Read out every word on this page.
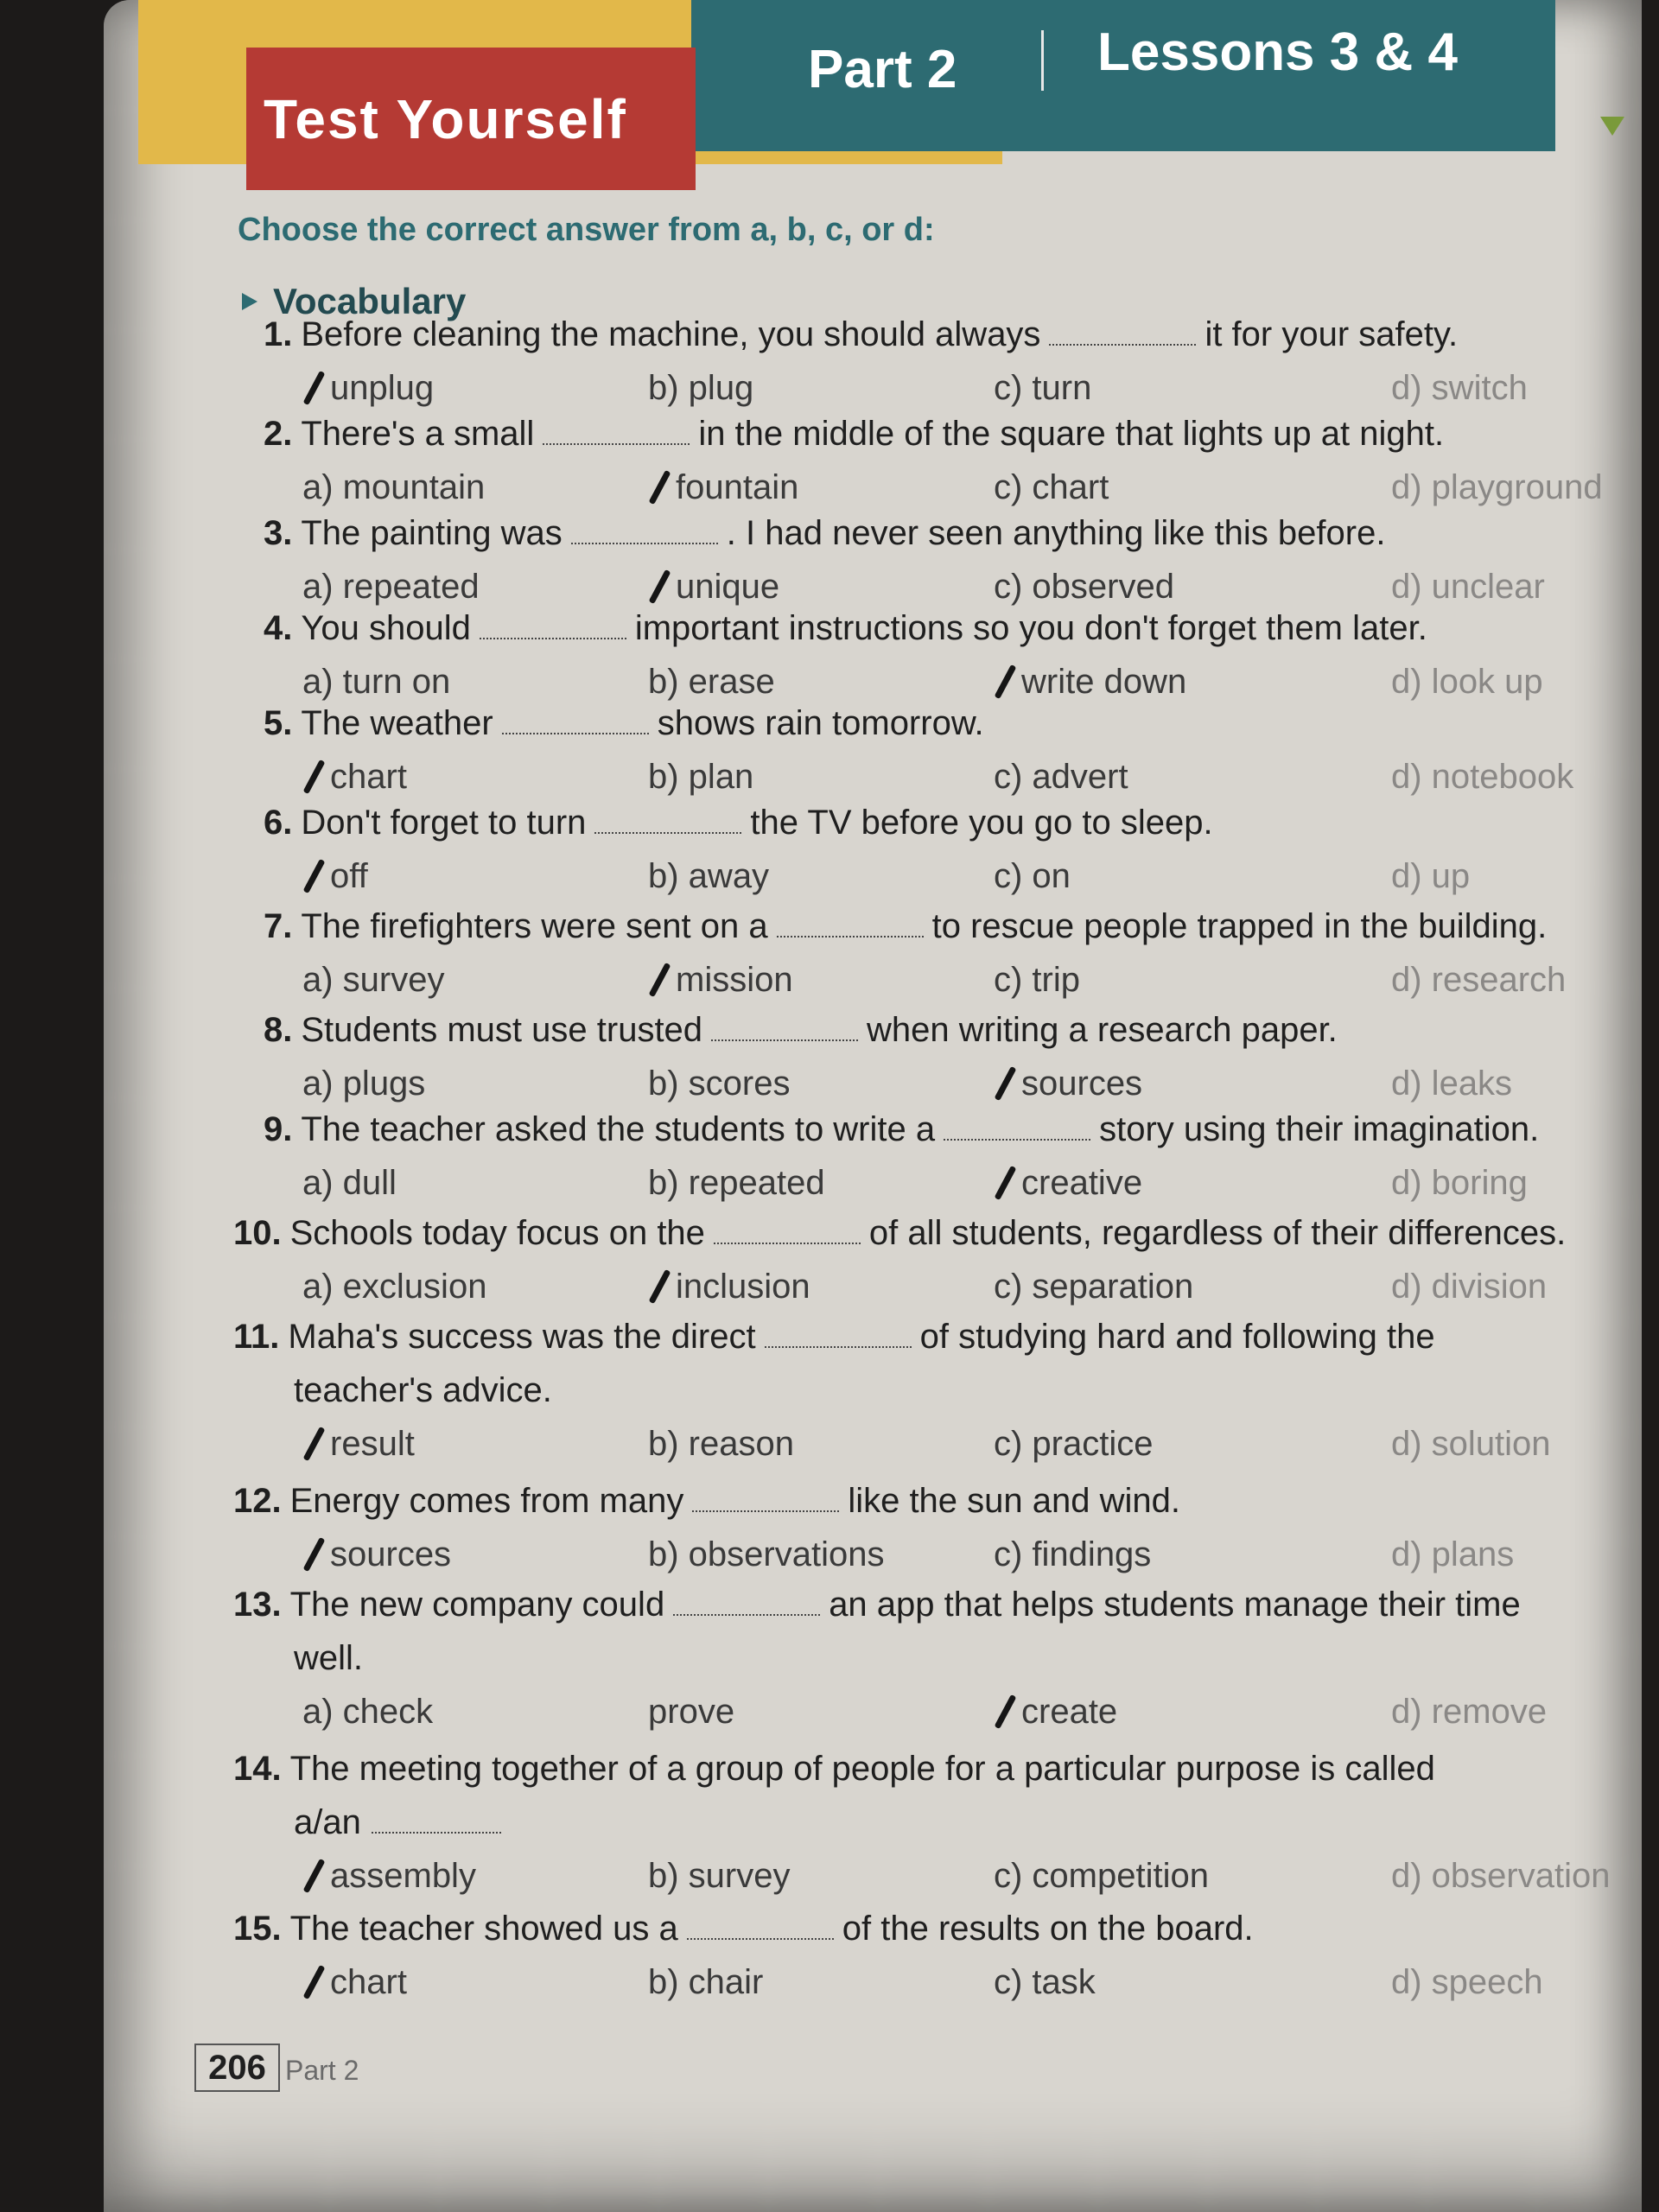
Test Yourself
Part 2	Lessons 3 & 4
Choose the correct answer from a, b, c, or d:
Vocabulary
1. Before cleaning the machine, you should always	it for your safety.
unplug	b) plug	c) turn	d) switch
2. There's a small	in the middle of the square that lights up at night.
a) mountain	fountain	c) chart	d) playground
3. The painting was	. I had never seen anything like this before.
a) repeated	unique	c) observed	d) unclear
4. You should	important instructions so you don't forget them later.
a) turn on	b) erase	write down	d) look up
5. The weather	shows rain tomorrow.
chart	b) plan	c) advert	d) notebook
6. Don't forget to turn	the TV before you go to sleep.
off	b) away	c) on	d) up
7. The firefighters were sent on a	to rescue people trapped in the building.
a) survey	mission	c) trip	d) research
8. Students must use trusted	when writing a research paper.
a) plugs	b) scores	sources	d) leaks
9. The teacher asked the students to write a	story using their imagination.
a) dull	b) repeated	creative	d) boring
10. Schools today focus on the	of all students, regardless of their differences.
a) exclusion	inclusion	c) separation	d) division
11. Maha's success was the direct	of studying hard and following the
teacher's advice.
result	b) reason	c) practice	d) solution
12. Energy comes from many	like the sun and wind.
sources	b) observations	c) findings	d) plans
13. The new company could	an app that helps students manage their time
well.
a) check	prove	create	d) remove
14. The meeting together of a group of people for a particular purpose is called
a/an
assembly	b) survey	c) competition	d) observation
15. The teacher showed us a	of the results on the board.
chart	b) chair	c) task	d) speech
206 Part 2
